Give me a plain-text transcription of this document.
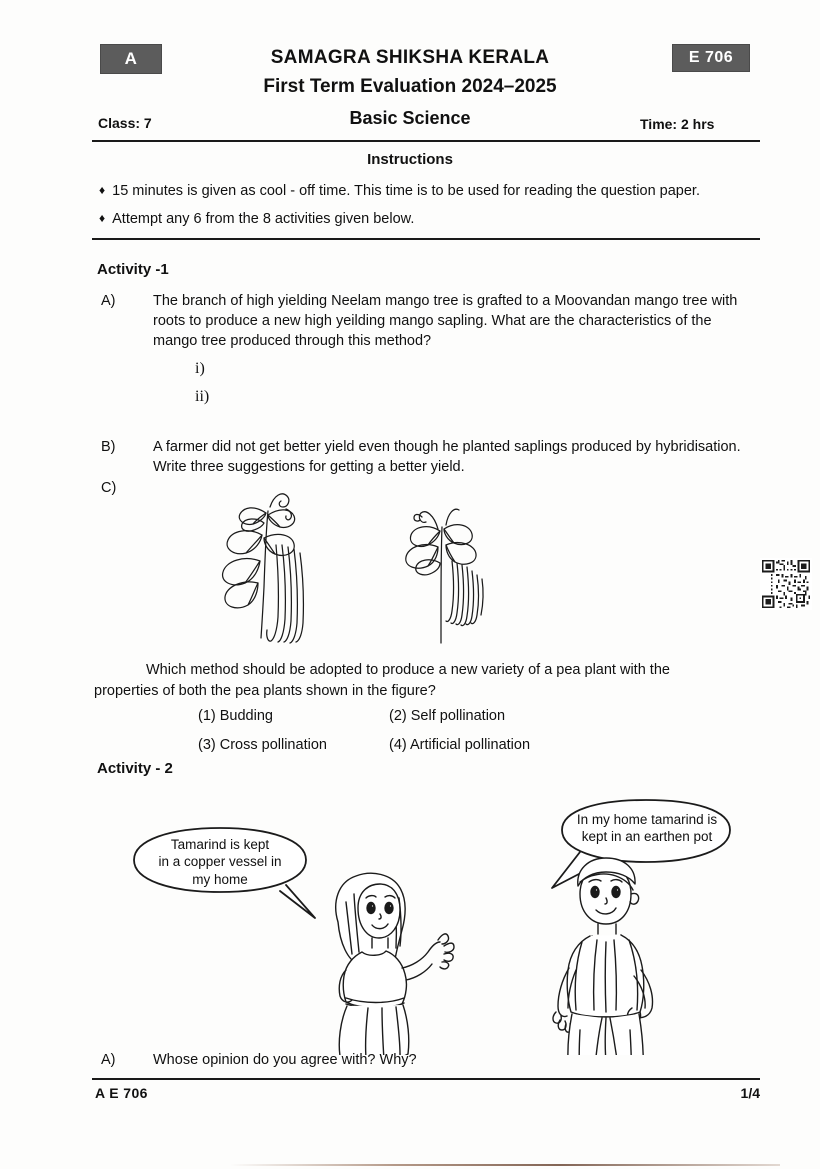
A	E 706
SAMAGRA SHIKSHA KERALA
First Term Evaluation 2024–2025
Basic Science
Class: 7	Time: 2 hrs
Instructions
♦ 15 minutes is given as cool - off time. This time is to be used for reading the question paper.
♦ Attempt any 6 from the 8 activities given below.
Activity -1
A)	The branch of high yielding Neelam mango tree is grafted to a Moovandan mango tree with roots to produce a new high yeilding mango sapling. What are the characteristics of the mango tree produced through this method?
i)
ii)
B)	A farmer did not get better yield even though he planted saplings produced by hybridisation. Write three suggestions for getting a better yield.
C)
Which method should be adopted to produce a new variety of a pea plant with the properties of both the pea plants shown in the figure?
(1) Budding	(2) Self pollination
(3) Cross pollination	(4) Artificial pollination
Activity - 2
Tamarind is kept
in a copper vessel in
my home
In my home tamarind is
kept in an earthen pot
A)	Whose opinion do you agree with? Why?
A E 706	1/4
